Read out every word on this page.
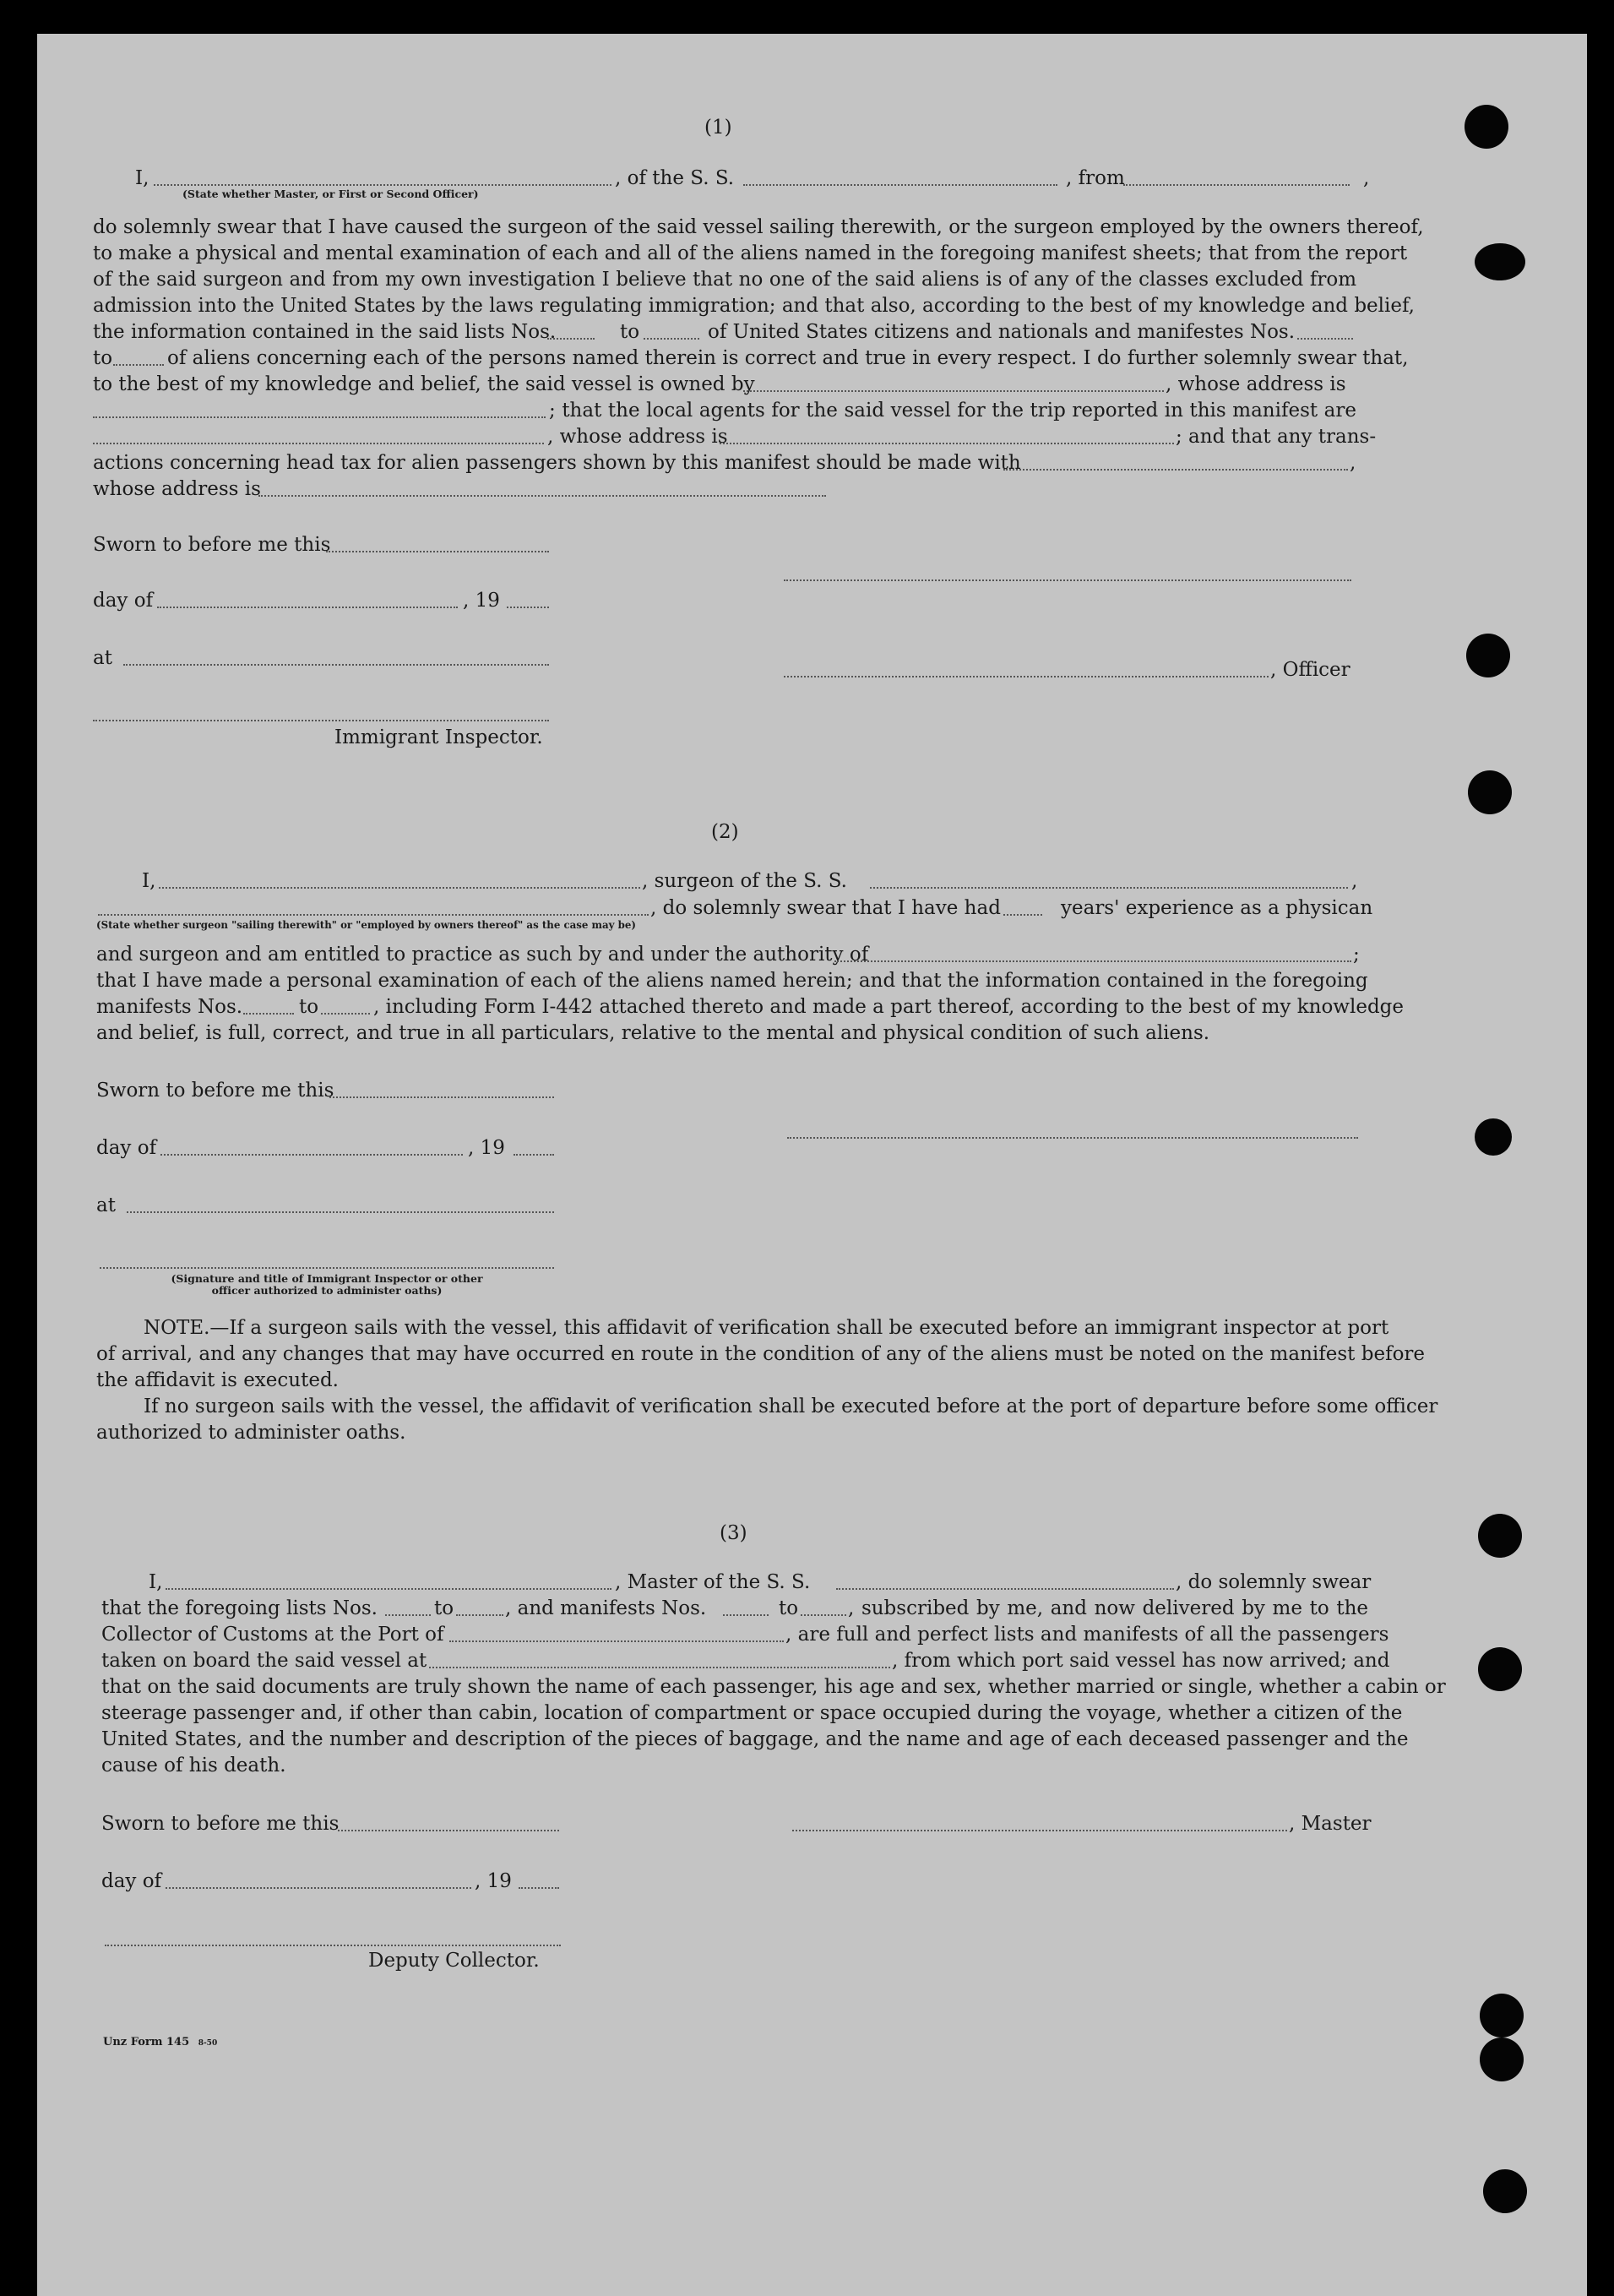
(1)
I,	, of the S. S.	, from	,
(State whether Master, or First or Second Officer)
do solemnly swear that I have caused the surgeon of the said vessel sailing therewith, or the surgeon employed by the owners thereof,
to make a physical and mental examination of each and all of the aliens named in the foregoing manifest sheets; that from the report
of the said surgeon and from my own investigation I believe that no one of the said aliens is of any of the classes excluded from
admission into the United States by the laws regulating immigration; and that also, according to the best of my knowledge and belief,
the information contained in the said lists Nos.	to	of United States citizens and nationals and manifestes Nos.
to	of aliens concerning each of the persons named therein is correct and true in every respect. I do further solemnly swear that,
to the best of my knowledge and belief, the said vessel is owned by	, whose address is
; that the local agents for the said vessel for the trip reported in this manifest are
, whose address is	; and that any trans-
actions concerning head tax for alien passengers shown by this manifest should be made with	,
whose address is
Sworn to before me this
day of	, 19
at
, Officer
Immigrant Inspector.
(2)
I,	, surgeon of the S. S.	,
, do solemnly swear that I have had	years' experience as a physican
(State whether surgeon "sailing therewith" or "employed by owners thereof" as the case may be)
and surgeon and am entitled to practice as such by and under the authority of	;
that I have made a personal examination of each of the aliens named herein; and that the information contained in the foregoing
manifests Nos.	to	, including Form I-442 attached thereto and made a part thereof, according to the best of my knowledge
and belief, is full, correct, and true in all particulars, relative to the mental and physical condition of such aliens.
Sworn to before me this
day of	, 19
at
(Signature and title of Immigrant Inspector or other
officer authorized to administer oaths)
NOTE.—If a surgeon sails with the vessel, this affidavit of verification shall be executed before an immigrant inspector at port
of arrival, and any changes that may have occurred en route in the condition of any of the aliens must be noted on the manifest before
the affidavit is executed.
If no surgeon sails with the vessel, the affidavit of verification shall be executed before at the port of departure before some officer
authorized to administer oaths.
(3)
I,	, Master of the S. S.	, do solemnly swear
that the foregoing lists Nos.	to	, and manifests Nos.	to	, subscribed by me, and now delivered by me to the
Collector of Customs at the Port of	, are full and perfect lists and manifests of all the passengers
taken on board the said vessel at	, from which port said vessel has now arrived; and
that on the said documents are truly shown the name of each passenger, his age and sex, whether married or single, whether a cabin or
steerage passenger and, if other than cabin, location of compartment or space occupied during the voyage, whether a citizen of the
United States, and the number and description of the pieces of baggage, and the name and age of each deceased passenger and the
cause of his death.
Sworn to before me this	, Master
day of	, 19
Deputy Collector.
Unz Form 145 8-50
